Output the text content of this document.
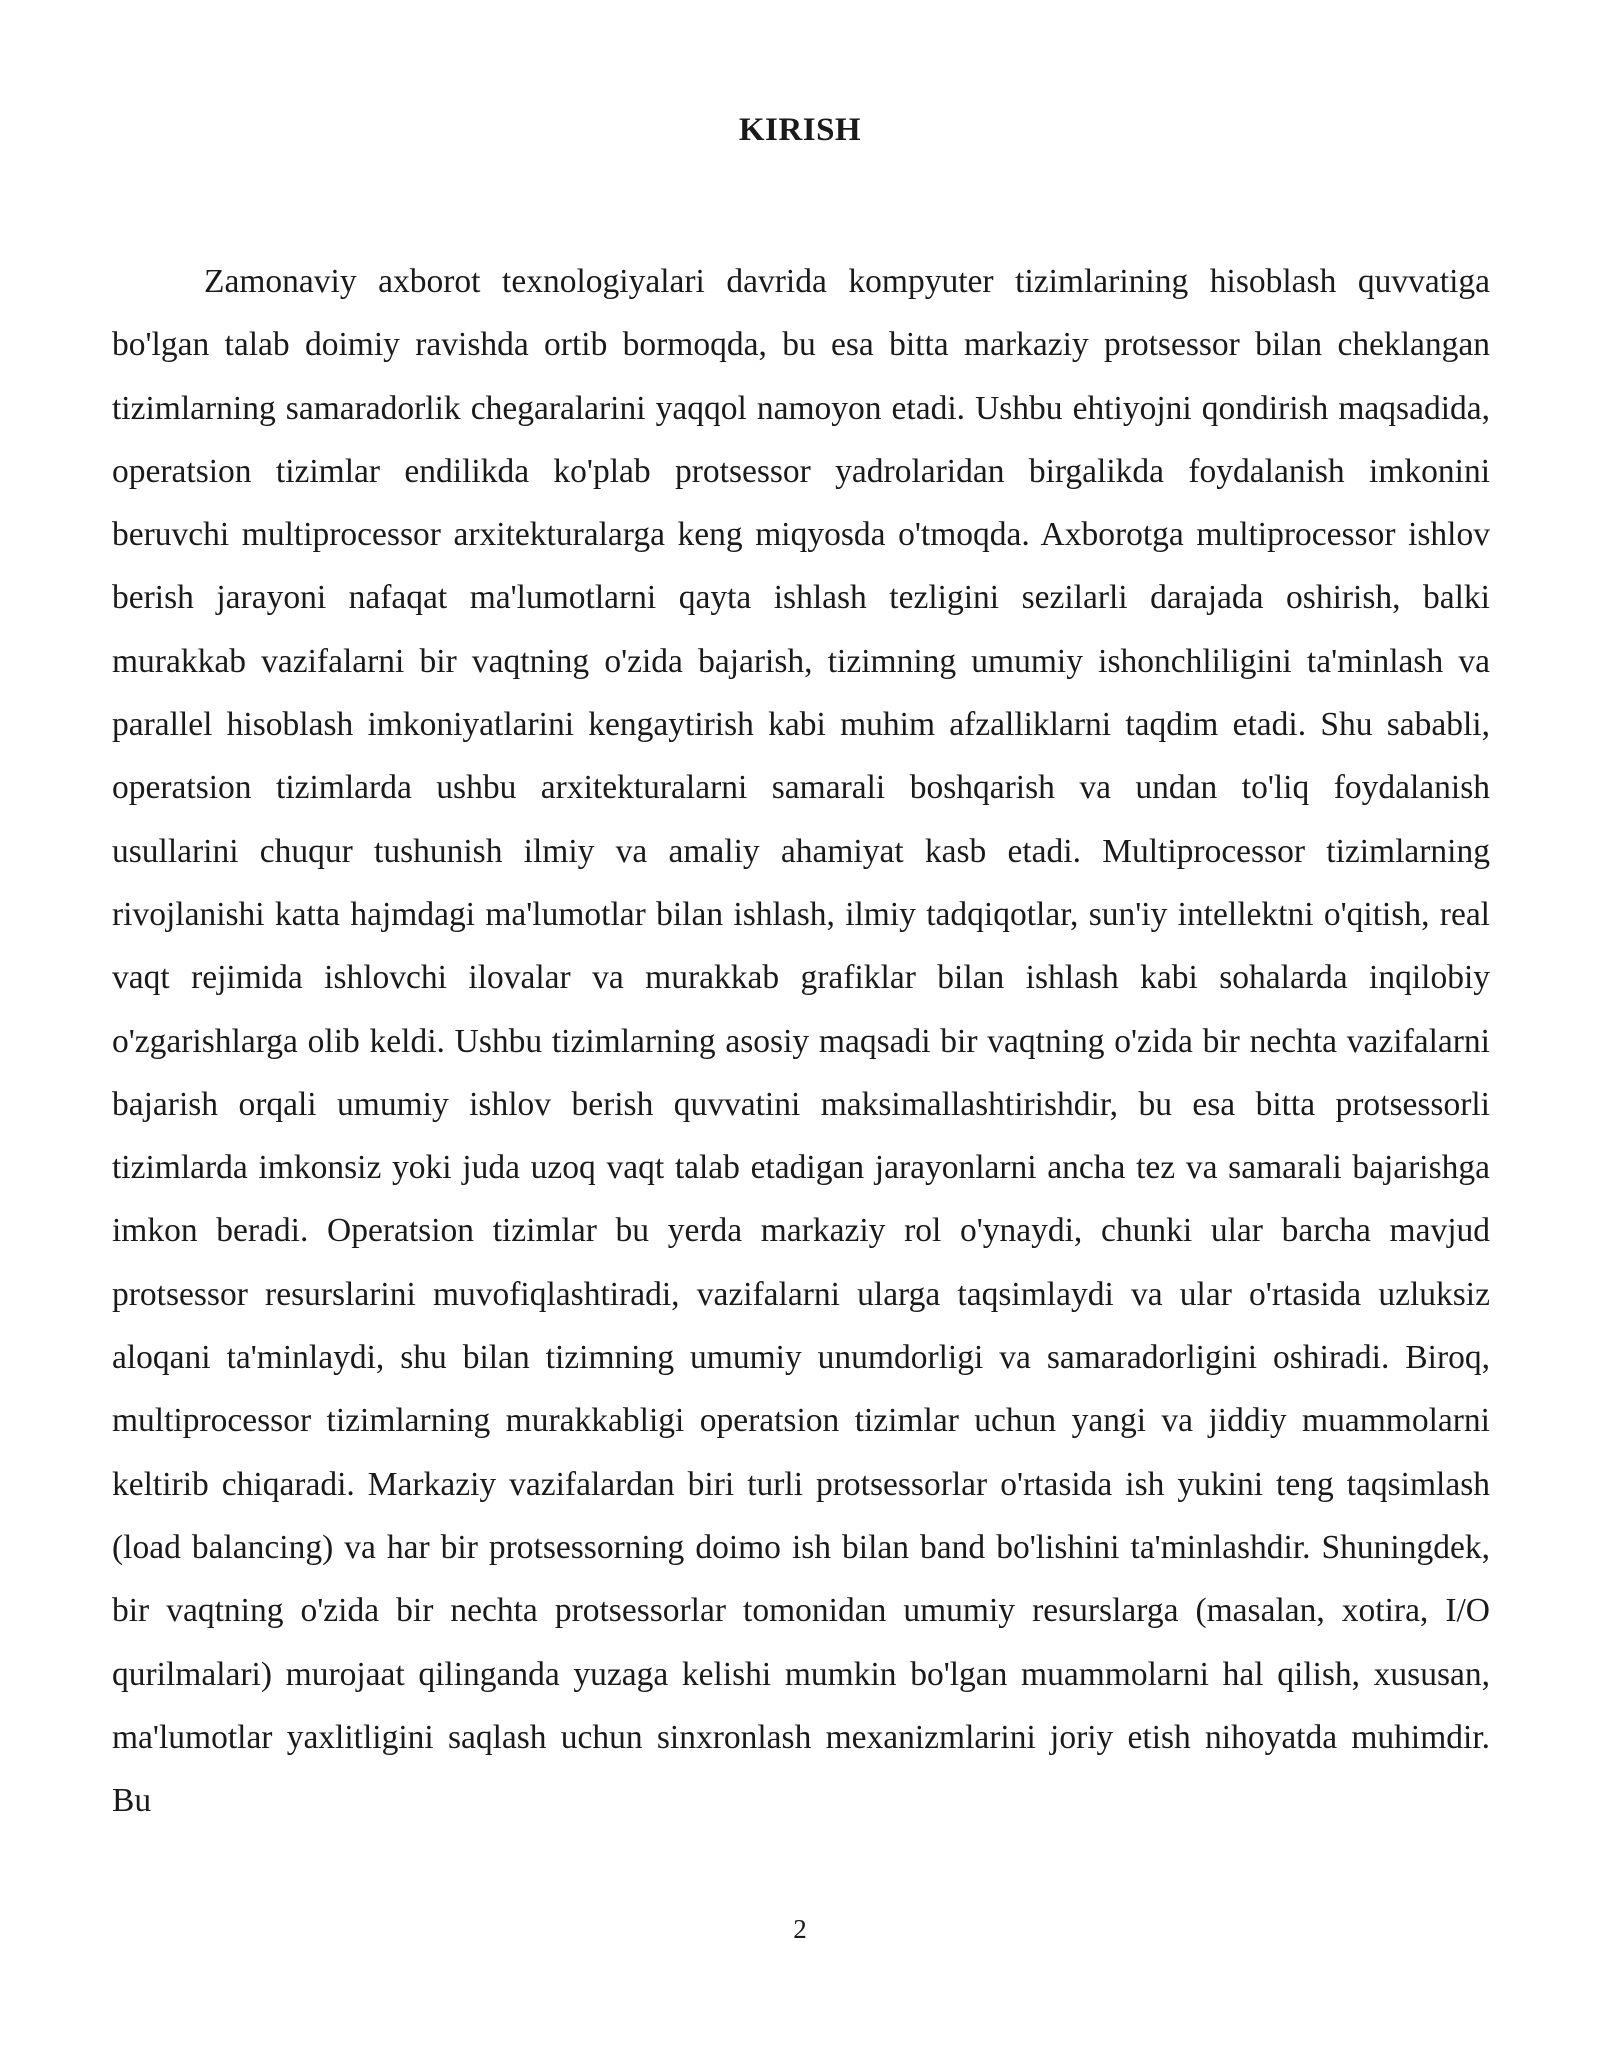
KIRISH

Zamonaviy axborot texnologiyalari davrida kompyuter tizimlarining hisoblash quvvatiga bo'lgan talab doimiy ravishda ortib bormoqda, bu esa bitta markaziy protsessor bilan cheklangan tizimlarning samaradorlik chegaralarini yaqqol namoyon etadi. Ushbu ehtiyojni qondirish maqsadida, operatsion tizimlar endilikda ko'plab protsessor yadrolaridan birgalikda foydalanish imkonini beruvchi multiprocessor arxitekturalarga keng miqyosda o'tmoqda. Axborotga multiprocessor ishlov berish jarayoni nafaqat ma'lumotlarni qayta ishlash tezligini sezilarli darajada oshirish, balki murakkab vazifalarni bir vaqtning o'zida bajarish, tizimning umumiy ishonchliligini ta'minlash va parallel hisoblash imkoniyatlarini kengaytirish kabi muhim afzalliklarni taqdim etadi. Shu sababli, operatsion tizimlarda ushbu arxitekturalarni samarali boshqarish va undan to'liq foydalanish usullarini chuqur tushunish ilmiy va amaliy ahamiyat kasb etadi. Multiprocessor tizimlarning rivojlanishi katta hajmdagi ma'lumotlar bilan ishlash, ilmiy tadqiqotlar, sun'iy intellektni o'qitish, real vaqt rejimida ishlovchi ilovalar va murakkab grafiklar bilan ishlash kabi sohalarda inqilobiy o'zgarishlarga olib keldi. Ushbu tizimlarning asosiy maqsadi bir vaqtning o'zida bir nechta vazifalarni bajarish orqali umumiy ishlov berish quvvatini maksimallashtirishdir, bu esa bitta protsessorli tizimlarda imkonsiz yoki juda uzoq vaqt talab etadigan jarayonlarni ancha tez va samarali bajarishga imkon beradi. Operatsion tizimlar bu yerda markaziy rol o'ynaydi, chunki ular barcha mavjud protsessor resurslarini muvofiqlashtiradi, vazifalarni ularga taqsimlaydi va ular o'rtasida uzluksiz aloqani ta'minlaydi, shu bilan tizimning umumiy unumdorligi va samaradorligini oshiradi. Biroq, multiprocessor tizimlarning murakkabligi operatsion tizimlar uchun yangi va jiddiy muammolarni keltirib chiqaradi. Markaziy vazifalardan biri turli protsessorlar o'rtasida ish yukini teng taqsimlash (load balancing) va har bir protsessorning doimo ish bilan band bo'lishini ta'minlashdir. Shuningdek, bir vaqtning o'zida bir nechta protsessorlar tomonidan umumiy resurslarga (masalan, xotira, I/O qurilmalari) murojaat qilinganda yuzaga kelishi mumkin bo'lgan muammolarni hal qilish, xususan, ma'lumotlar yaxlitligini saqlash uchun sinxronlash mexanizmlarini joriy etish nihoyatda muhimdir. Bu

2
